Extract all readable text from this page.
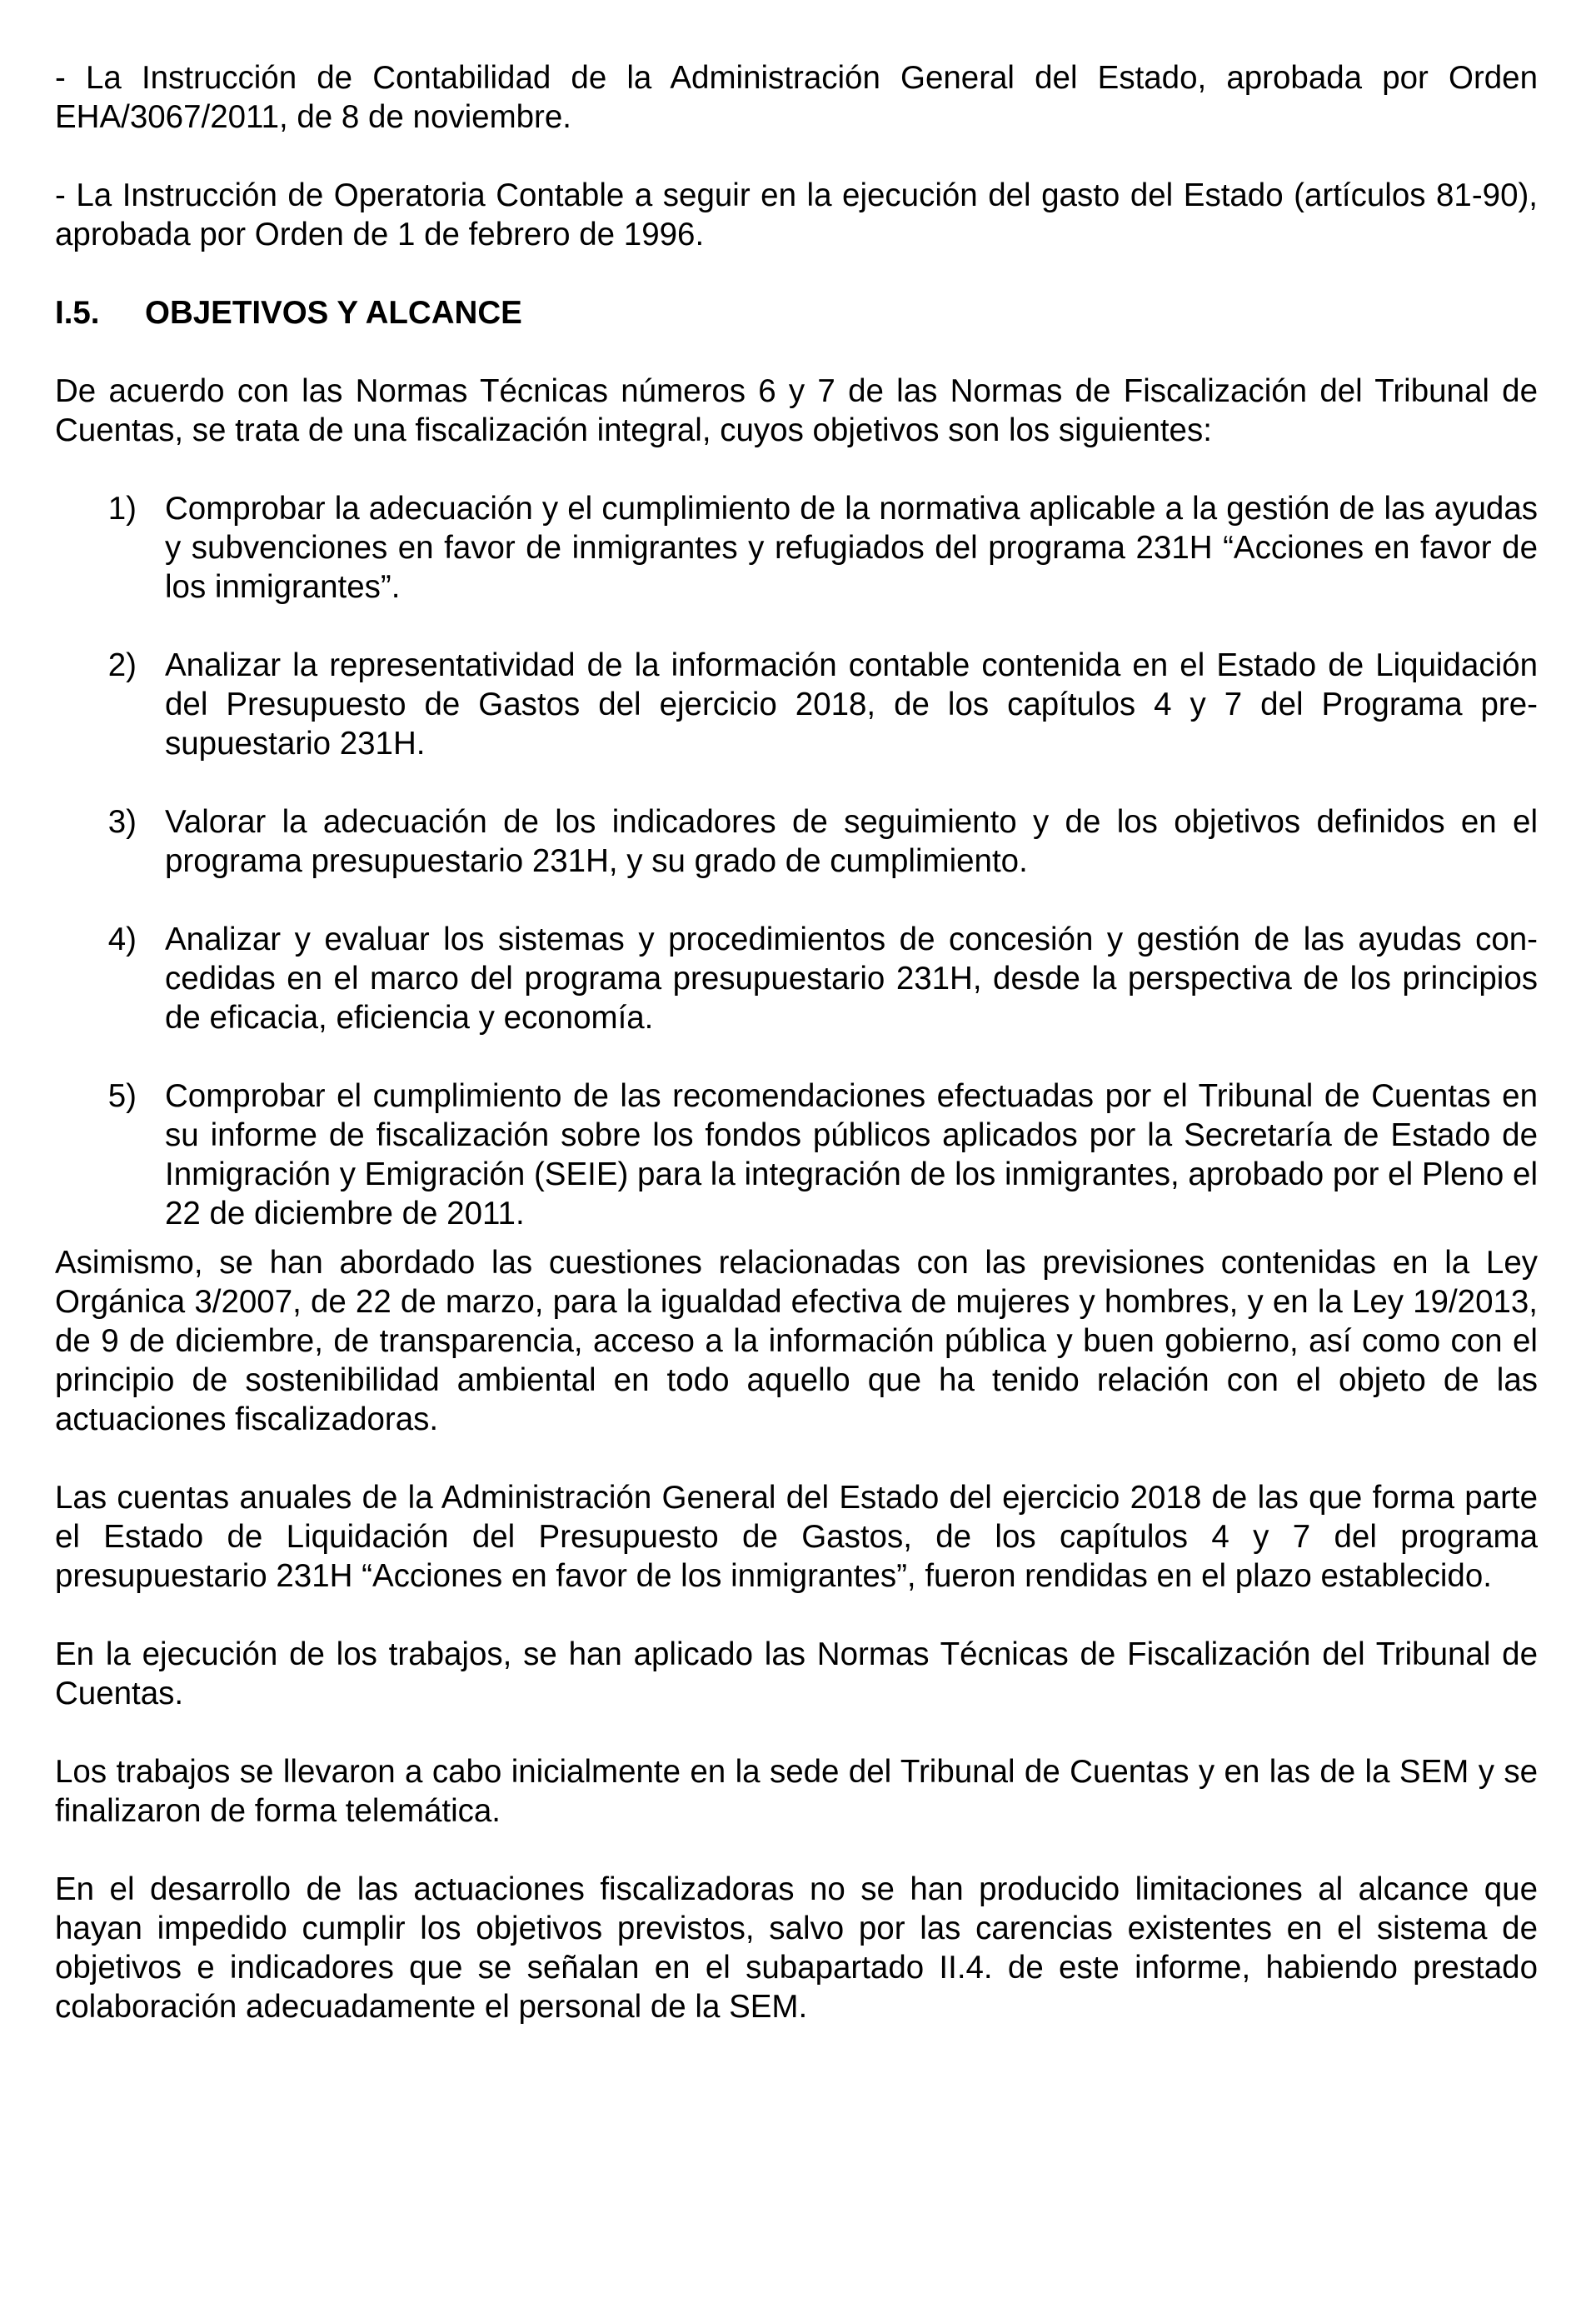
- La Instrucción de Contabilidad de la Administración General del Estado, aprobada por Orden EHA/3067/2011, de 8 de noviembre.

- La Instrucción de Operatoria Contable a seguir en la ejecución del gasto del Estado (artículos 81-90), aprobada por Orden de 1 de febrero de 1996.

I.5.	OBJETIVOS Y ALCANCE

De acuerdo con las Normas Técnicas números 6 y 7 de las Normas de Fiscalización del Tribunal de Cuentas, se trata de una fiscalización integral, cuyos objetivos son los siguientes:

1) Comprobar la adecuación y el cumplimiento de la normativa aplicable a la gestión de las ayudas y subvenciones en favor de inmigrantes y refugiados del programa 231H “Acciones en favor de los inmigrantes”.
2) Analizar la representatividad de la información contable contenida en el Estado de Liquidación del Presupuesto de Gastos del ejercicio 2018, de los capítulos 4 y 7 del Programa presupuestario 231H.
3) Valorar la adecuación de los indicadores de seguimiento y de los objetivos definidos en el programa presupuestario 231H, y su grado de cumplimiento.
4) Analizar y evaluar los sistemas y procedimientos de concesión y gestión de las ayudas concedidas en el marco del programa presupuestario 231H, desde la perspectiva de los principios de eficacia, eficiencia y economía.
5) Comprobar el cumplimiento de las recomendaciones efectuadas por el Tribunal de Cuentas en su informe de fiscalización sobre los fondos públicos aplicados por la Secretaría de Estado de Inmigración y Emigración (SEIE) para la integración de los inmigrantes, aprobado por el Pleno el 22 de diciembre de 2011.

Asimismo, se han abordado las cuestiones relacionadas con las previsiones contenidas en la Ley Orgánica 3/2007, de 22 de marzo, para la igualdad efectiva de mujeres y hombres, y en la Ley 19/2013, de 9 de diciembre, de transparencia, acceso a la información pública y buen gobierno, así como con el principio de sostenibilidad ambiental en todo aquello que ha tenido relación con el objeto de las actuaciones fiscalizadoras.

Las cuentas anuales de la Administración General del Estado del ejercicio 2018 de las que forma parte el Estado de Liquidación del Presupuesto de Gastos, de los capítulos 4 y 7 del programa presupuestario 231H “Acciones en favor de los inmigrantes”, fueron rendidas en el plazo establecido.

En la ejecución de los trabajos, se han aplicado las Normas Técnicas de Fiscalización del Tribunal de Cuentas.

Los trabajos se llevaron a cabo inicialmente en la sede del Tribunal de Cuentas y en las de la SEM y se finalizaron de forma telemática.

En el desarrollo de las actuaciones fiscalizadoras no se han producido limitaciones al alcance que hayan impedido cumplir los objetivos previstos, salvo por las carencias existentes en el sistema de objetivos e indicadores que se señalan en el subapartado II.4. de este informe, habiendo prestado colaboración adecuadamente el personal de la SEM.
